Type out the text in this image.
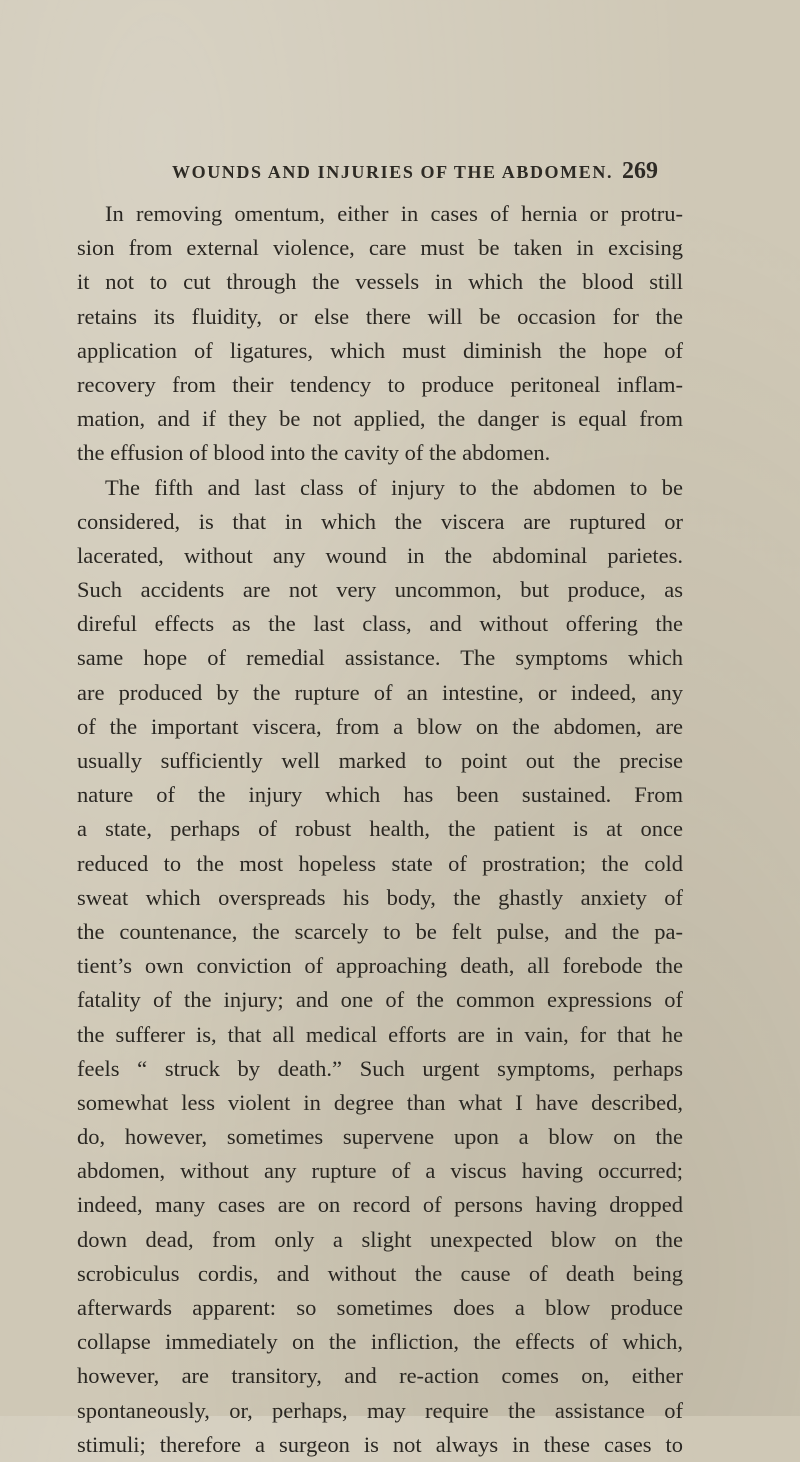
WOUNDS AND INJURIES OF THE ABDOMEN. 269
In removing omentum, either in cases of hernia or protru-
sion from external violence, care must be taken in excising
it not to cut through the vessels in which the blood still
retains its fluidity, or else there will be occasion for the
application of ligatures, which must diminish the hope of
recovery from their tendency to produce peritoneal inflam-
mation, and if they be not applied, the danger is equal from
the effusion of blood into the cavity of the abdomen.
The fifth and last class of injury to the abdomen to be
considered, is that in which the viscera are ruptured or
lacerated, without any wound in the abdominal parietes.
Such accidents are not very uncommon, but produce, as
direful effects as the last class, and without offering the
same hope of remedial assistance. The symptoms which
are produced by the rupture of an intestine, or indeed, any
of the important viscera, from a blow on the abdomen, are
usually sufficiently well marked to point out the precise
nature of the injury which has been sustained. From
a state, perhaps of robust health, the patient is at once
reduced to the most hopeless state of prostration; the cold
sweat which overspreads his body, the ghastly anxiety of
the countenance, the scarcely to be felt pulse, and the pa-
tient’s own conviction of approaching death, all forebode the
fatality of the injury; and one of the common expressions of
the sufferer is, that all medical efforts are in vain, for that he
feels “ struck by death.” Such urgent symptoms, perhaps
somewhat less violent in degree than what I have described,
do, however, sometimes supervene upon a blow on the
abdomen, without any rupture of a viscus having occurred;
indeed, many cases are on record of persons having dropped
down dead, from only a slight unexpected blow on the
scrobiculus cordis, and without the cause of death being
afterwards apparent: so sometimes does a blow produce
collapse immediately on the infliction, the effects of which,
however, are transitory, and re-action comes on, either
spontaneously, or, perhaps, may require the assistance of
stimuli; therefore a surgeon is not always in these cases to
